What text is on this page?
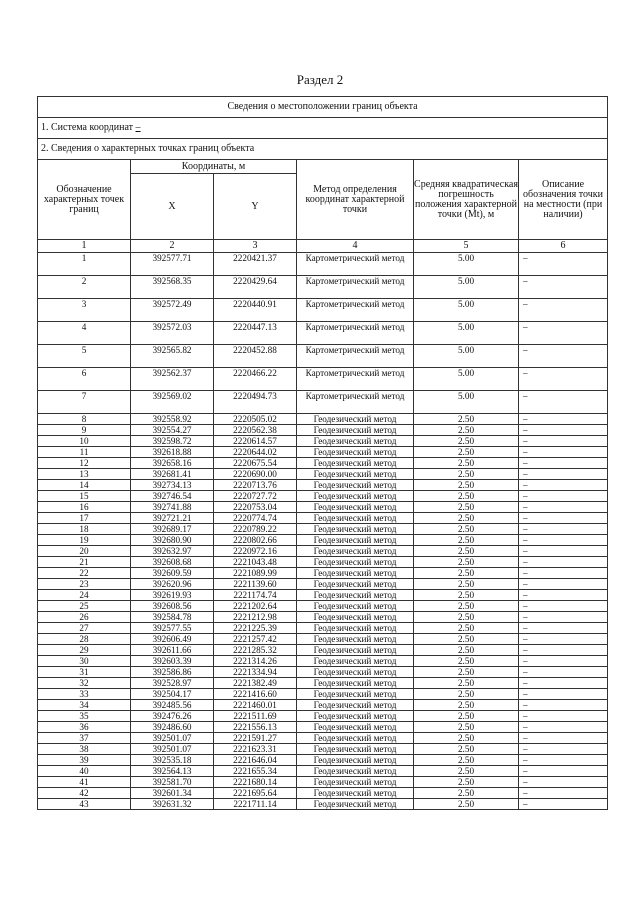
Раздел 2
Сведения о местоположении границ объекта					
1. Система координат –					
2. Сведения о характерных точках границ объекта					
Обозначение характерных точек границ	Координаты, м		Метод определения координат характерной точки	Средняя квадратическая погрешность положения характерной точки (Mt), м	Описание обозначения точки на местности (при наличии)
	X	Y			
1	2	3	4	5	6
1	392577.71	2220421.37	Картометрический метод	5.00	–
2	392568.35	2220429.64	Картометрический метод	5.00	–
3	392572.49	2220440.91	Картометрический метод	5.00	–
4	392572.03	2220447.13	Картометрический метод	5.00	–
5	392565.82	2220452.88	Картометрический метод	5.00	–
6	392562.37	2220466.22	Картометрический метод	5.00	–
7	392569.02	2220494.73	Картометрический метод	5.00	–
8	392558.92	2220505.02	Геодезический метод	2.50	–
9	392554.27	2220562.38	Геодезический метод	2.50	–
10	392598.72	2220614.57	Геодезический метод	2.50	–
11	392618.88	2220644.02	Геодезический метод	2.50	–
12	392658.16	2220675.54	Геодезический метод	2.50	–
13	392681.41	2220690.00	Геодезический метод	2.50	–
14	392734.13	2220713.76	Геодезический метод	2.50	–
15	392746.54	2220727.72	Геодезический метод	2.50	–
16	392741.88	2220753.04	Геодезический метод	2.50	–
17	392721.21	2220774.74	Геодезический метод	2.50	–
18	392689.17	2220789.22	Геодезический метод	2.50	–
19	392680.90	2220802.66	Геодезический метод	2.50	–
20	392632.97	2220972.16	Геодезический метод	2.50	–
21	392608.68	2221043.48	Геодезический метод	2.50	–
22	392609.59	2221089.99	Геодезический метод	2.50	–
23	392620.96	2221139.60	Геодезический метод	2.50	–
24	392619.93	2221174.74	Геодезический метод	2.50	–
25	392608.56	2221202.64	Геодезический метод	2.50	–
26	392584.78	2221212.98	Геодезический метод	2.50	–
27	392577.55	2221225.39	Геодезический метод	2.50	–
28	392606.49	2221257.42	Геодезический метод	2.50	–
29	392611.66	2221285.32	Геодезический метод	2.50	–
30	392603.39	2221314.26	Геодезический метод	2.50	–
31	392586.86	2221334.94	Геодезический метод	2.50	–
32	392528.97	2221382.49	Геодезический метод	2.50	–
33	392504.17	2221416.60	Геодезический метод	2.50	–
34	392485.56	2221460.01	Геодезический метод	2.50	–
35	392476.26	2221511.69	Геодезический метод	2.50	–
36	392486.60	2221556.13	Геодезический метод	2.50	–
37	392501.07	2221591.27	Геодезический метод	2.50	–
38	392501.07	2221623.31	Геодезический метод	2.50	–
39	392535.18	2221646.04	Геодезический метод	2.50	–
40	392564.13	2221655.34	Геодезический метод	2.50	–
41	392581.70	2221680.14	Геодезический метод	2.50	–
42	392601.34	2221695.64	Геодезический метод	2.50	–
43	392631.32	2221711.14	Геодезический метод	2.50	–
